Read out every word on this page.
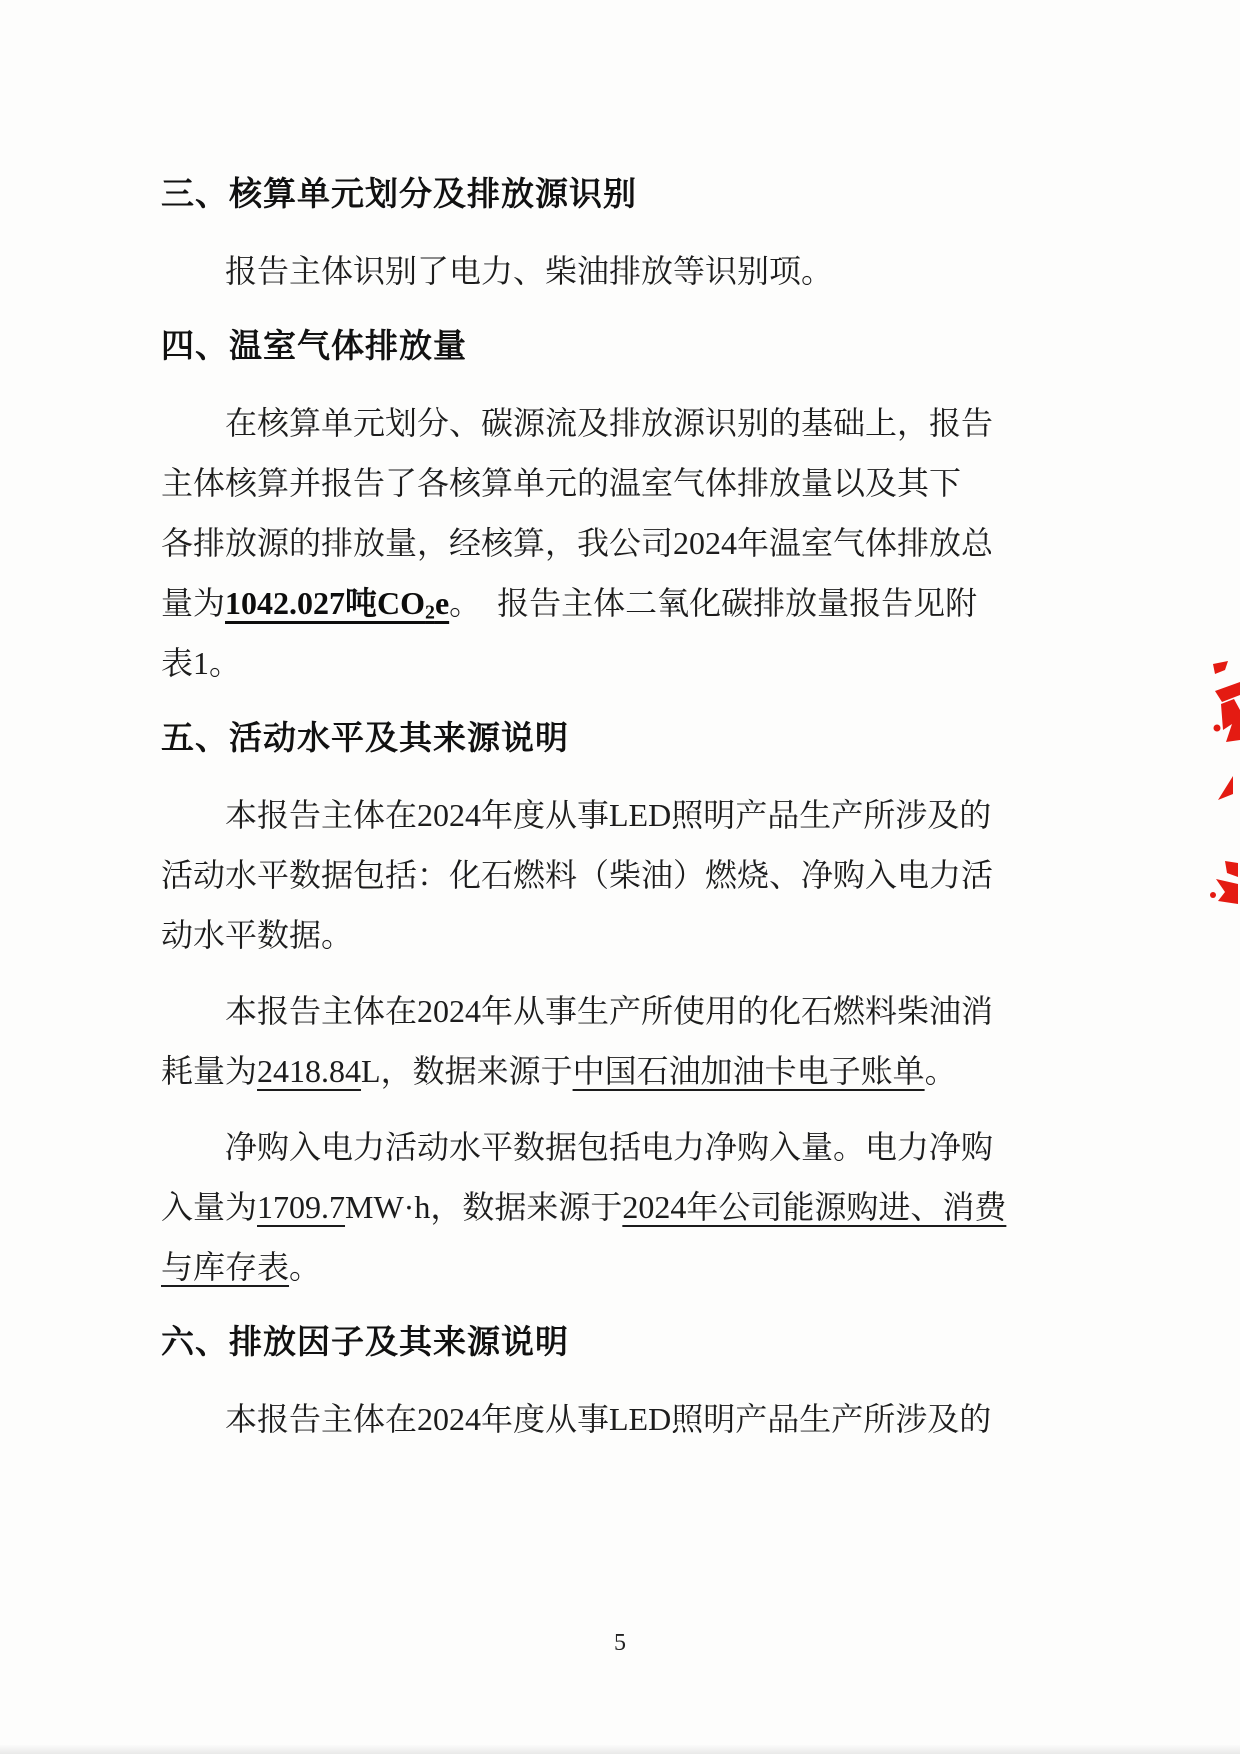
三、核算单元划分及排放源识别
报告主体识别了电力、柴油排放等识别项。
四、温室气体排放量
在核算单元划分、碳源流及排放源识别的基础上，报告
主体核算并报告了各核算单元的温室气体排放量以及其下
各排放源的排放量，经核算，我公司2024年温室气体排放总
量为1042.027吨$CO_2e$。　报告主体二氧化碳排放量报告见附
表1。
五、活动水平及其来源说明
本报告主体在2024年度从事LED照明产品生产所涉及的
活动水平数据包括：化石燃料（柴油）燃烧、净购入电力活
动水平数据。
本报告主体在2024年从事生产所使用的化石燃料柴油消
耗量为2418.84L，数据来源于中国石油加油卡电子账单。
净购入电力活动水平数据包括电力净购入量。电力净购
入量为1709.7MW·h，数据来源于2024年公司能源购进、消费
与库存表。
六、排放因子及其来源说明
本报告主体在2024年度从事LED照明产品生产所涉及的
5
